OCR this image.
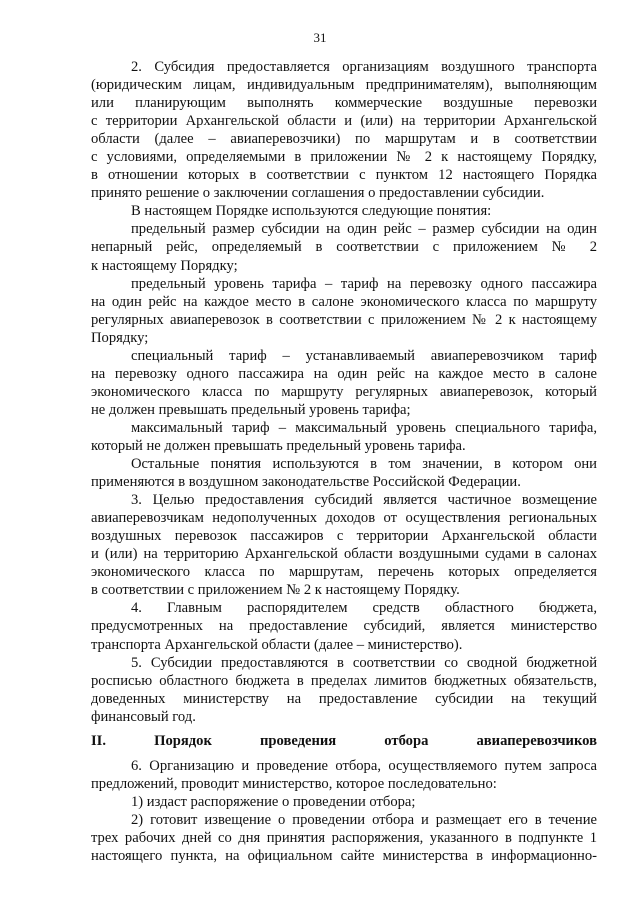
31

2. Субсидия предоставляется организациям воздушного транспорта

(юридическим лицам, индивидуальным предпринимателям), выполняющим

или планирующим выполнять коммерческие воздушные перевозки

с территории Архангельской области и (или) на территории Архангельской

области (далее – авиаперевозчики) по маршрутам и в соответствии

с условиями, определяемыми в приложении № 2 к настоящему Порядку,

в отношении которых в соответствии с пунктом 12 настоящего Порядка

принято решение о заключении соглашения о предоставлении субсидии.

В настоящем Порядке используются следующие понятия:

предельный размер субсидии на один рейс – размер субсидии на один

непарный рейс, определяемый в соответствии с приложением № 2

к настоящему Порядку;

предельный уровень тарифа – тариф на перевозку одного пассажира

на один рейс на каждое место в салоне экономического класса по маршруту

регулярных авиаперевозок в соответствии с приложением № 2 к настоящему

Порядку;

специальный тариф – устанавливаемый авиаперевозчиком тариф

на перевозку одного пассажира на один рейс на каждое место в салоне

экономического класса по маршруту регулярных авиаперевозок, который

не должен превышать предельный уровень тарифа;

максимальный тариф – максимальный уровень специального тарифа,

который не должен превышать предельный уровень тарифа.

Остальные понятия используются в том значении, в котором они

применяются в воздушном законодательстве Российской Федерации.

3. Целью предоставления субсидий является частичное возмещение

авиаперевозчикам недополученных доходов от осуществления региональных

воздушных перевозок пассажиров с территории Архангельской области

и (или) на территорию Архангельской области воздушными судами в салонах

экономического класса по маршрутам, перечень которых определяется

в соответствии с приложением № 2 к настоящему Порядку.

4. Главным распорядителем средств областного бюджета,

предусмотренных на предоставление субсидий, является министерство

транспорта Архангельской области (далее – министерство).

5. Субсидии предоставляются в соответствии со сводной бюджетной

росписью областного бюджета в пределах лимитов бюджетных обязательств,

доведенных министерству на предоставление субсидии на текущий

финансовый год.

II. Порядок проведения отбора авиаперевозчиков

6. Организацию и проведение отбора, осуществляемого путем запроса

предложений, проводит министерство, которое последовательно:

1) издаст распоряжение о проведении отбора;

2) готовит извещение о проведении отбора и размещает его в течение

трех рабочих дней со дня принятия распоряжения, указанного в подпункте 1

настоящего пункта, на официальном сайте министерства в информационно-
